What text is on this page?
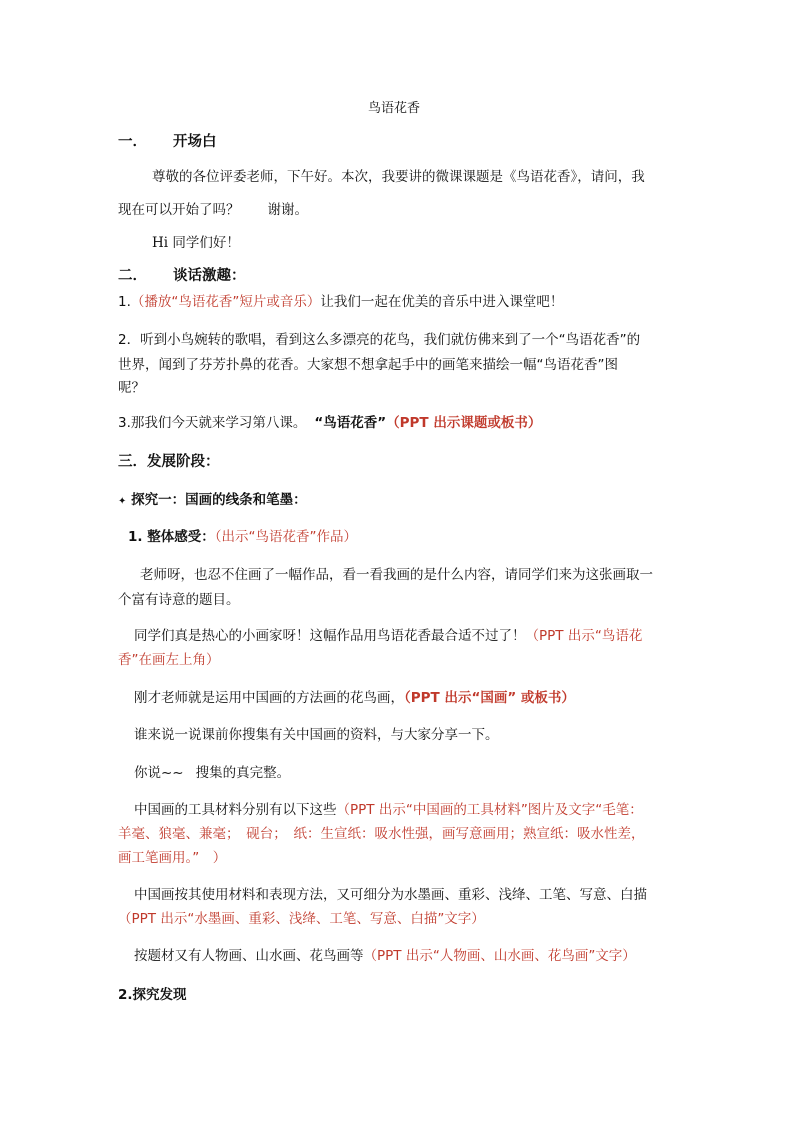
鸟语花香
一． 开场白
尊敬的各位评委老师，下午好。本次，我要讲的微课课题是《鸟语花香》，请问，我
现在可以开始了吗？ 谢谢。
Hi 同学们好！
二． 谈话激趣：
1.（播放“鸟语花香”短片或音乐）让我们一起在优美的音乐中进入课堂吧！
2．听到小鸟婉转的歌唱，看到这么多漂亮的花鸟，我们就仿佛来到了一个“鸟语花香”的
世界，闻到了芬芳扑鼻的花香。大家想不想拿起手中的画笔来描绘一幅“鸟语花香”图
呢？
3.那我们今天就来学习第八课。 “鸟语花香”（PPT 出示课题或板书）
三．发展阶段：
✦ 探究一：国画的线条和笔墨：
1. 整体感受：（出示“鸟语花香”作品）
老师呀，也忍不住画了一幅作品，看一看我画的是什么内容，请同学们来为这张画取一
个富有诗意的题目。
同学们真是热心的小画家呀！这幅作品用鸟语花香最合适不过了！（PPT 出示“鸟语花
香”在画左上角）
刚才老师就是运用中国画的方法画的花鸟画，（PPT 出示“国画” 或板书）
谁来说一说课前你搜集有关中国画的资料，与大家分享一下。
你说~~ 搜集的真完整。
中国画的工具材料分别有以下这些（PPT 出示“中国画的工具材料”图片及文字“毛笔：
羊毫、狼毫、兼毫；　砚台；　纸：生宣纸：吸水性强，画写意画用；熟宣纸：吸水性差，
画工笔画用。”　）
中国画按其使用材料和表现方法，又可细分为水墨画、重彩、浅绛、工笔、写意、白描
（PPT 出示“水墨画、重彩、浅绛、工笔、写意、白描”文字）
按题材又有人物画、山水画、花鸟画等（PPT 出示“人物画、山水画、花鸟画”文字）
2.探究发现
